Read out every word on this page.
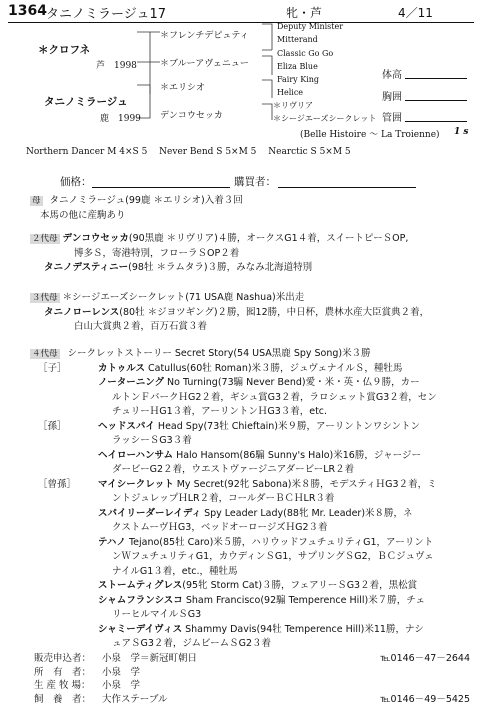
1364 タニノミラージュ17	牝・芦	4／11
＊クロフネ
芦　1998
＊フレンチデピュティ
＊ブルーアヴェニュー
Deputy Minister
Mitterand
Classic Go Go
Eliza Blue
タニノミラージュ
鹿　1999
＊エリシオ
デンコウセッカ
Fairy King
Helice
＊リヴリア
＊シージエーズシークレット
体高
胸囲
管囲
(Belle Histoire ～ La Troienne) 1 s
Northern Dancer M 4×S 5　 Never Bend S 5×M 5　 Nearctic S 5×M 5
価格：	購買者：
母 タニノミラージュ(99鹿 ＊エリシオ)入着３回
本馬の他に産駒あり
２代母 デンコウセッカ(90黒鹿 ＊リヴリア)４勝，オークスG1４着，スイートピーＳOP,
博多Ｓ，寄港特別，フローラＳOP２着
タニノデスティニー(98牡 ＊ラムタラ)３勝，みなみ北海道特別
３代母 ＊シージエーズシークレット(71 USA鹿 Nashua)米出走
タニノローレンス(80牡 ＊ジヨツギング)２勝，囮12勝，中日杯，農林水産大臣賞典２着，
白山大賞典２着，百万石賞３着
４代母 シークレットストーリー Secret Story(54 USA黒鹿 Spy Song)米３勝
［子］	カトゥルス Catullus(60牡 Roman)米３勝，ジュヴェナイルＳ，種牡馬
ノーターニング No Turning(73騸 Never Bend)愛・米・英・仏９勝，カー
ルトンＦバークＨG2２着，ギシュ賞G3２着，ラロシェット賞G3２着，セン
チュリーＨG1３着，アーリントンＨG3３着，etc.
［孫］	ヘッドスパイ Head Spy(73牡 Chieftain)米９勝，アーリントンワシントン
ラッシーＳG3３着
ヘイローハンサム Halo Hansom(86騸 Sunny's Halo)米16勝，ジャージー
ダービーG2２着，ウエストヴァージニアダービーLR２着
［曾孫］ マイシークレット My Secret(92牝 Sabona)米８勝，モデスティＨG3２着，ミ
ントジュレップＨLR２着，コールダーＢＣＨLR３着
スパイリーダーレイディ Spy Leader Lady(88牝 Mr. Leader)米８勝，ネ
クストムーヴＨG3，ベッドオーロージズＨG2３着
テハノ Tejano(85牡 Caro)米５勝，ハリウッドフュチュリティG1，アーリント
ンＷフュチュリティG1，カウディンＳG1，サプリングＳG2，ＢＣジュヴェ
ナイルG1３着，etc.，種牡馬
ストームティグレス(95牝 Storm Cat)３勝，フェアリーＳG3２着，黒松賞
シャムフランシスコ Sham Francisco(92騸 Temperence Hill)米７勝，チェ
リーヒルマイルＳG3
シャミーデイヴィス Shammy Davis(94牡 Temperence Hill)米11勝，ナシ
ュアＳG3２着，ジムビームＳG2３着
販売申込者： 小泉　学＝新冠町朝日	℡0146－47－2644
所　有　者： 小泉　学
生 産 牧 場： 小泉　学
飼　養　者： 大作ステーブル	℡0146－49－5425
